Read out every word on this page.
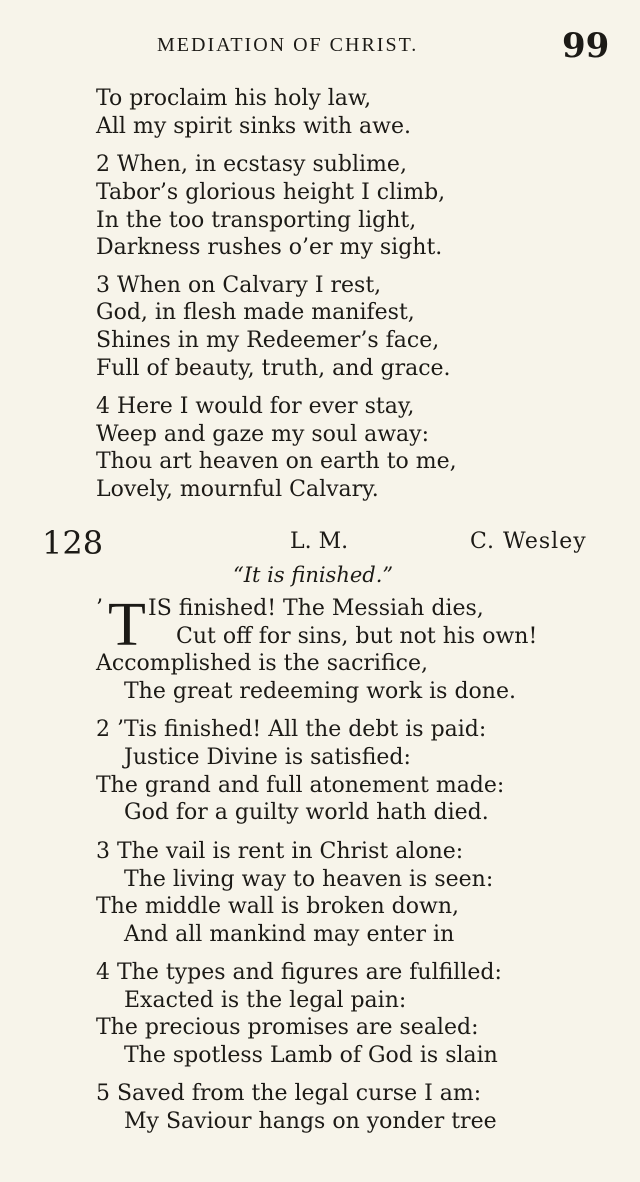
MEDIATION OF CHRIST.	99
To proclaim his holy law,
All my spirit sinks with awe.
2 When, in ecstasy sublime,
Tabor’s glorious height I climb,
In the too transporting light,
Darkness rushes o’er my sight.
3 When on Calvary I rest,
God, in flesh made manifest,
Shines in my Redeemer’s face,
Full of beauty, truth, and grace.
4 Here I would for ever stay,
Weep and gaze my soul away:
Thou art heaven on earth to me,
Lovely, mournful Calvary.
128	L. M.	C. Wesley
“It is finished.”
’ T IS finished! The Messiah dies,
Cut off for sins, but not his own!
Accomplished is the sacrifice,
The great redeeming work is done.
2 ’Tis finished! All the debt is paid:
Justice Divine is satisfied:
The grand and full atonement made:
God for a guilty world hath died.
3 The vail is rent in Christ alone:
The living way to heaven is seen:
The middle wall is broken down,
And all mankind may enter in
4 The types and figures are fulfilled:
Exacted is the legal pain:
The precious promises are sealed:
The spotless Lamb of God is slain
5 Saved from the legal curse I am:
My Saviour hangs on yonder tree
